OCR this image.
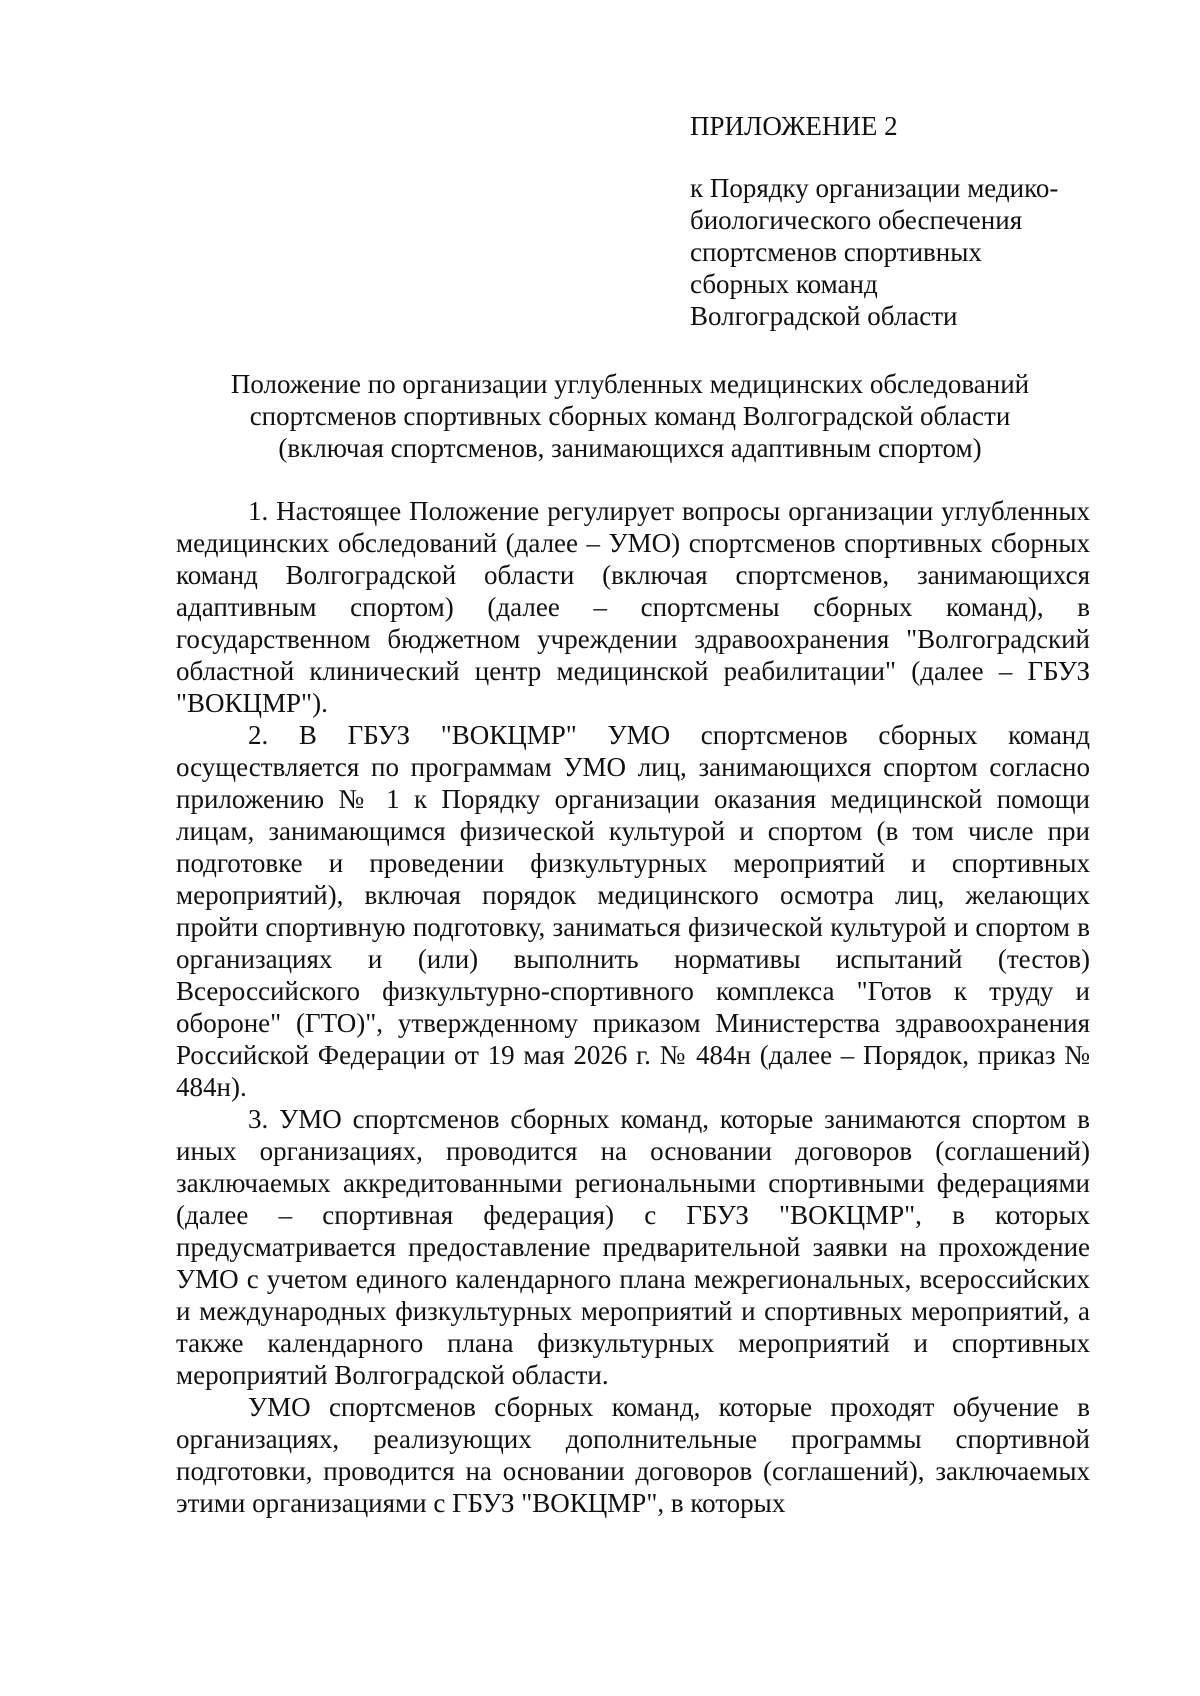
ПРИЛОЖЕНИЕ 2

к Порядку организации медико-
биологического обеспечения
спортсменов спортивных
сборных команд
Волгоградской области

Положение по организации углубленных медицинских обследований
спортсменов спортивных сборных команд Волгоградской области
(включая спортсменов, занимающихся адаптивным спортом)

1. Настоящее Положение регулирует вопросы организации углубленных медицинских обследований (далее – УМО) спортсменов спортивных сборных команд Волгоградской области (включая спортсменов, занимающихся адаптивным спортом) (далее – спортсмены сборных команд), в государственном бюджетном учреждении здравоохранения "Волгоградский областной клинический центр медицинской реабилитации" (далее – ГБУЗ "ВОКЦМР").

2. В ГБУЗ "ВОКЦМР" УМО спортсменов сборных команд осуществляется по программам УМО лиц, занимающихся спортом согласно приложению № 1 к Порядку организации оказания медицинской помощи лицам, занимающимся физической культурой и спортом (в том числе при подготовке и проведении физкультурных мероприятий и спортивных мероприятий), включая порядок медицинского осмотра лиц, желающих пройти спортивную подготовку, заниматься физической культурой и спортом в организациях и (или) выполнить нормативы испытаний (тестов) Всероссийского физкультурно-спортивного комплекса "Готов к труду и обороне" (ГТО)", утвержденному приказом Министерства здравоохранения Российской Федерации от 19 мая 2026 г. № 484н (далее – Порядок, приказ № 484н).

3. УМО спортсменов сборных команд, которые занимаются спортом в иных организациях, проводится на основании договоров (соглашений) заключаемых аккредитованными региональными спортивными федерациями (далее – спортивная федерация) с ГБУЗ "ВОКЦМР", в которых предусматривается предоставление предварительной заявки на прохождение УМО с учетом единого календарного плана межрегиональных, всероссийских и международных физкультурных мероприятий и спортивных мероприятий, а также календарного плана физкультурных мероприятий и спортивных мероприятий Волгоградской области.

УМО спортсменов сборных команд, которые проходят обучение в организациях, реализующих дополнительные программы спортивной подготовки, проводится на основании договоров (соглашений), заключаемых этими организациями с ГБУЗ "ВОКЦМР", в которых
